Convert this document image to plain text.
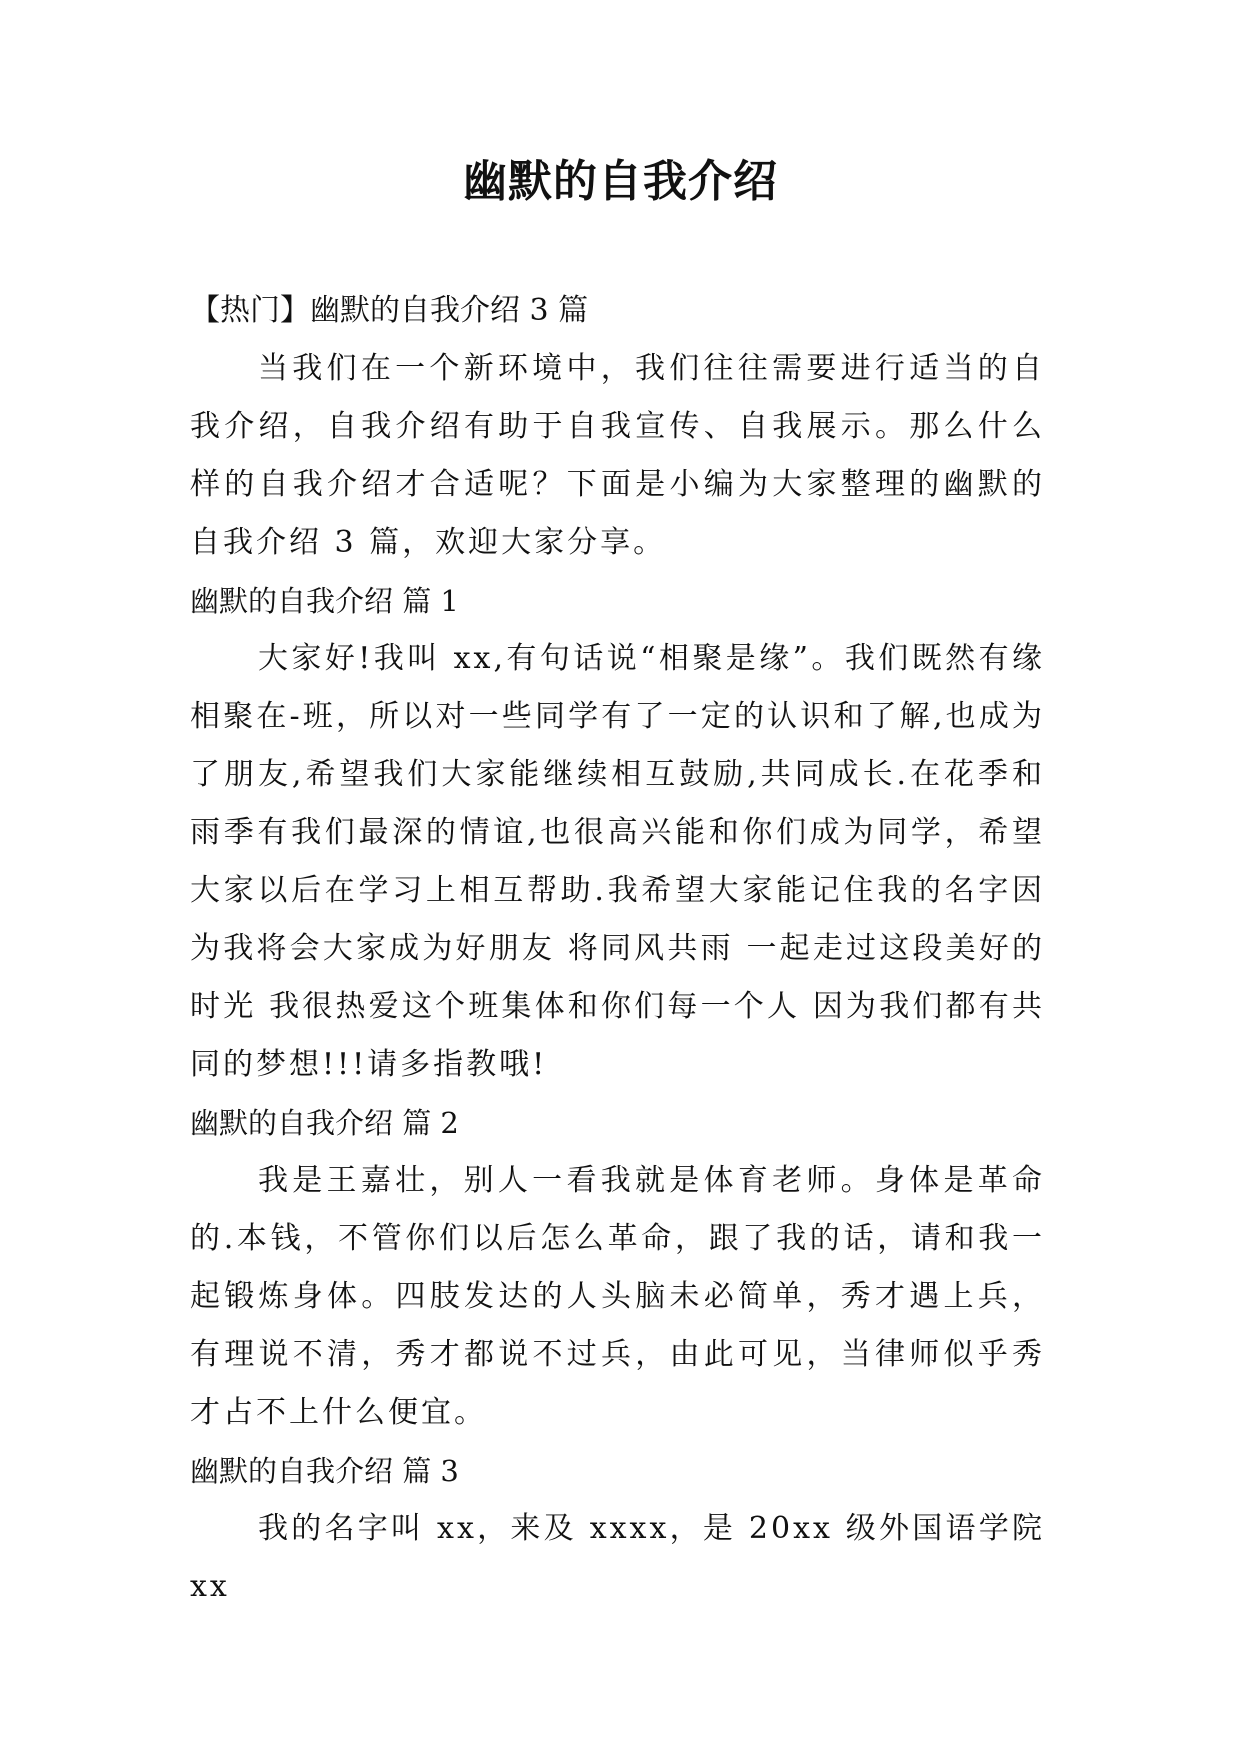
幽默的自我介绍
【热门】幽默的自我介绍 3 篇

当我们在一个新环境中，我们往往需要进行适当的自我介绍，自我介绍有助于自我宣传、自我展示。那么什么样的自我介绍才合适呢？下面是小编为大家整理的幽默的自我介绍 3 篇，欢迎大家分享。

幽默的自我介绍 篇 1

大家好!我叫 xx,有句话说“相聚是缘”。我们既然有缘相聚在-班，所以对一些同学有了一定的认识和了解,也成为了朋友,希望我们大家能继续相互鼓励,共同成长.在花季和雨季有我们最深的情谊,也很高兴能和你们成为同学，希望大家以后在学习上相互帮助.我希望大家能记住我的名字因为我将会大家成为好朋友 将同风共雨 一起走过这段美好的时光 我很热爱这个班集体和你们每一个人 因为我们都有共同的梦想!!!请多指教哦!

幽默的自我介绍 篇 2

我是王嘉壮，别人一看我就是体育老师。身体是革命的.本钱，不管你们以后怎么革命，跟了我的话，请和我一起锻炼身体。四肢发达的人头脑未必简单，秀才遇上兵，有理说不清，秀才都说不过兵，由此可见，当律师似乎秀才占不上什么便宜。

幽默的自我介绍 篇 3

我的名字叫 xx，来及 xxxx，是 20xx 级外国语学院 xx
